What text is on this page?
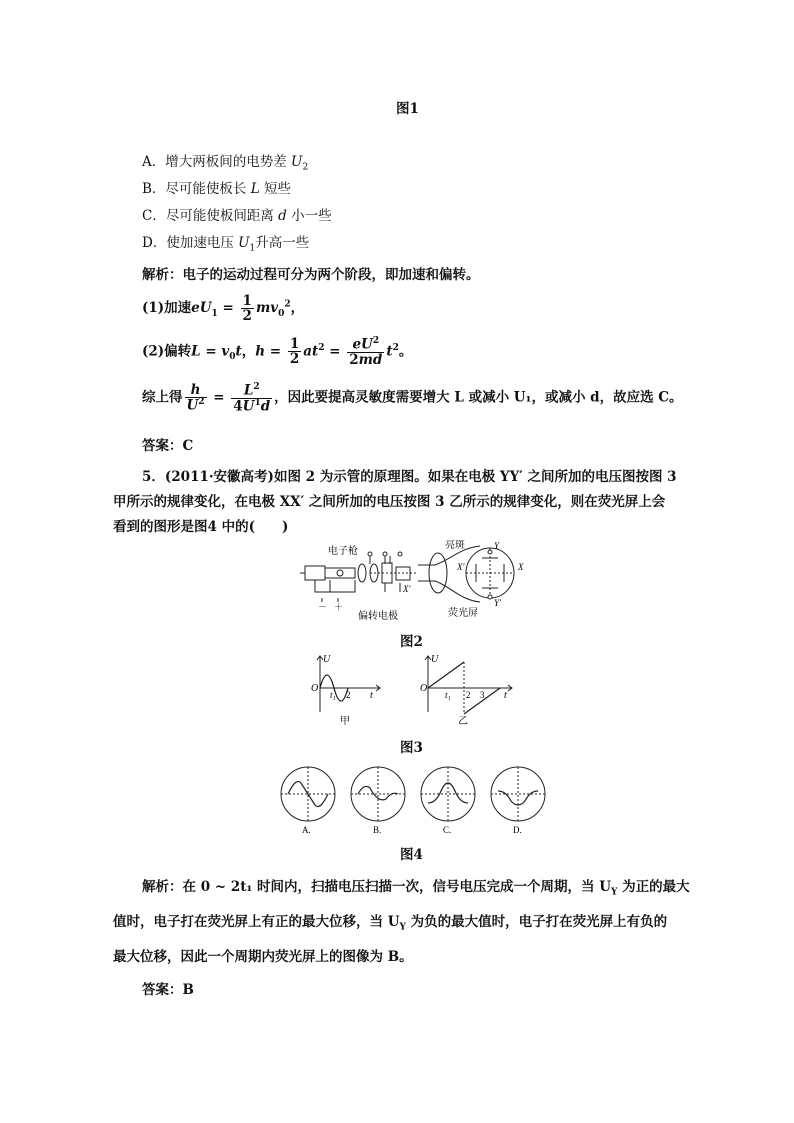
图1
A．增大两板间的电势差 $U_2$
B．尽可能使板长 L 短些
C．尽可能使板间距离 d 小一些
D．使加速电压 $U_1$升高一些
解析：电子的运动过程可分为两个阶段，即加速和偏转。
(1)加速$eU_1 = \frac{1}{2} mv_0^2$，
(2)偏转$L = v_0t$，$h = \frac{1}{2} at^2 = \frac{eU^2}{2md} t^2$。
综上得 $\frac{h}{U^2} = \frac{L^2}{4U^1d}$ ，因此要提高灵敏度需要增大 L 或减小 U₁，或减小 d，故应选 C。
答案：C
5．(2011·安徽高考)如图 2 为示管的原理图。如果在电极 YY′ 之间所加的电压图按图 3
甲所示的规律变化，在电极 XX′ 之间所加的电压按图 3 乙所示的规律变化，则在荧光屏上会
看到的图形是图4 中的(　　)
电子枪
亮斑	Y
Y′
X
X′
X′
－ ＋
偏转电极	荧光屏
图2
U
O
t₁ 2 t
甲
U
O
t₁ 2 3 t
乙
图3
A.	B.	C.	D.
图4
解析：在 0 ~ 2t₁ 时间内，扫描电压扫描一次，信号电压完成一个周期，当 $U_Y$ 为正的最大
值时，电子打在荧光屏上有正的最大位移，当 $U_Y$ 为负的最大值时，电子打在荧光屏上有负的
最大位移，因此一个周期内荧光屏上的图像为 B。
答案：B
